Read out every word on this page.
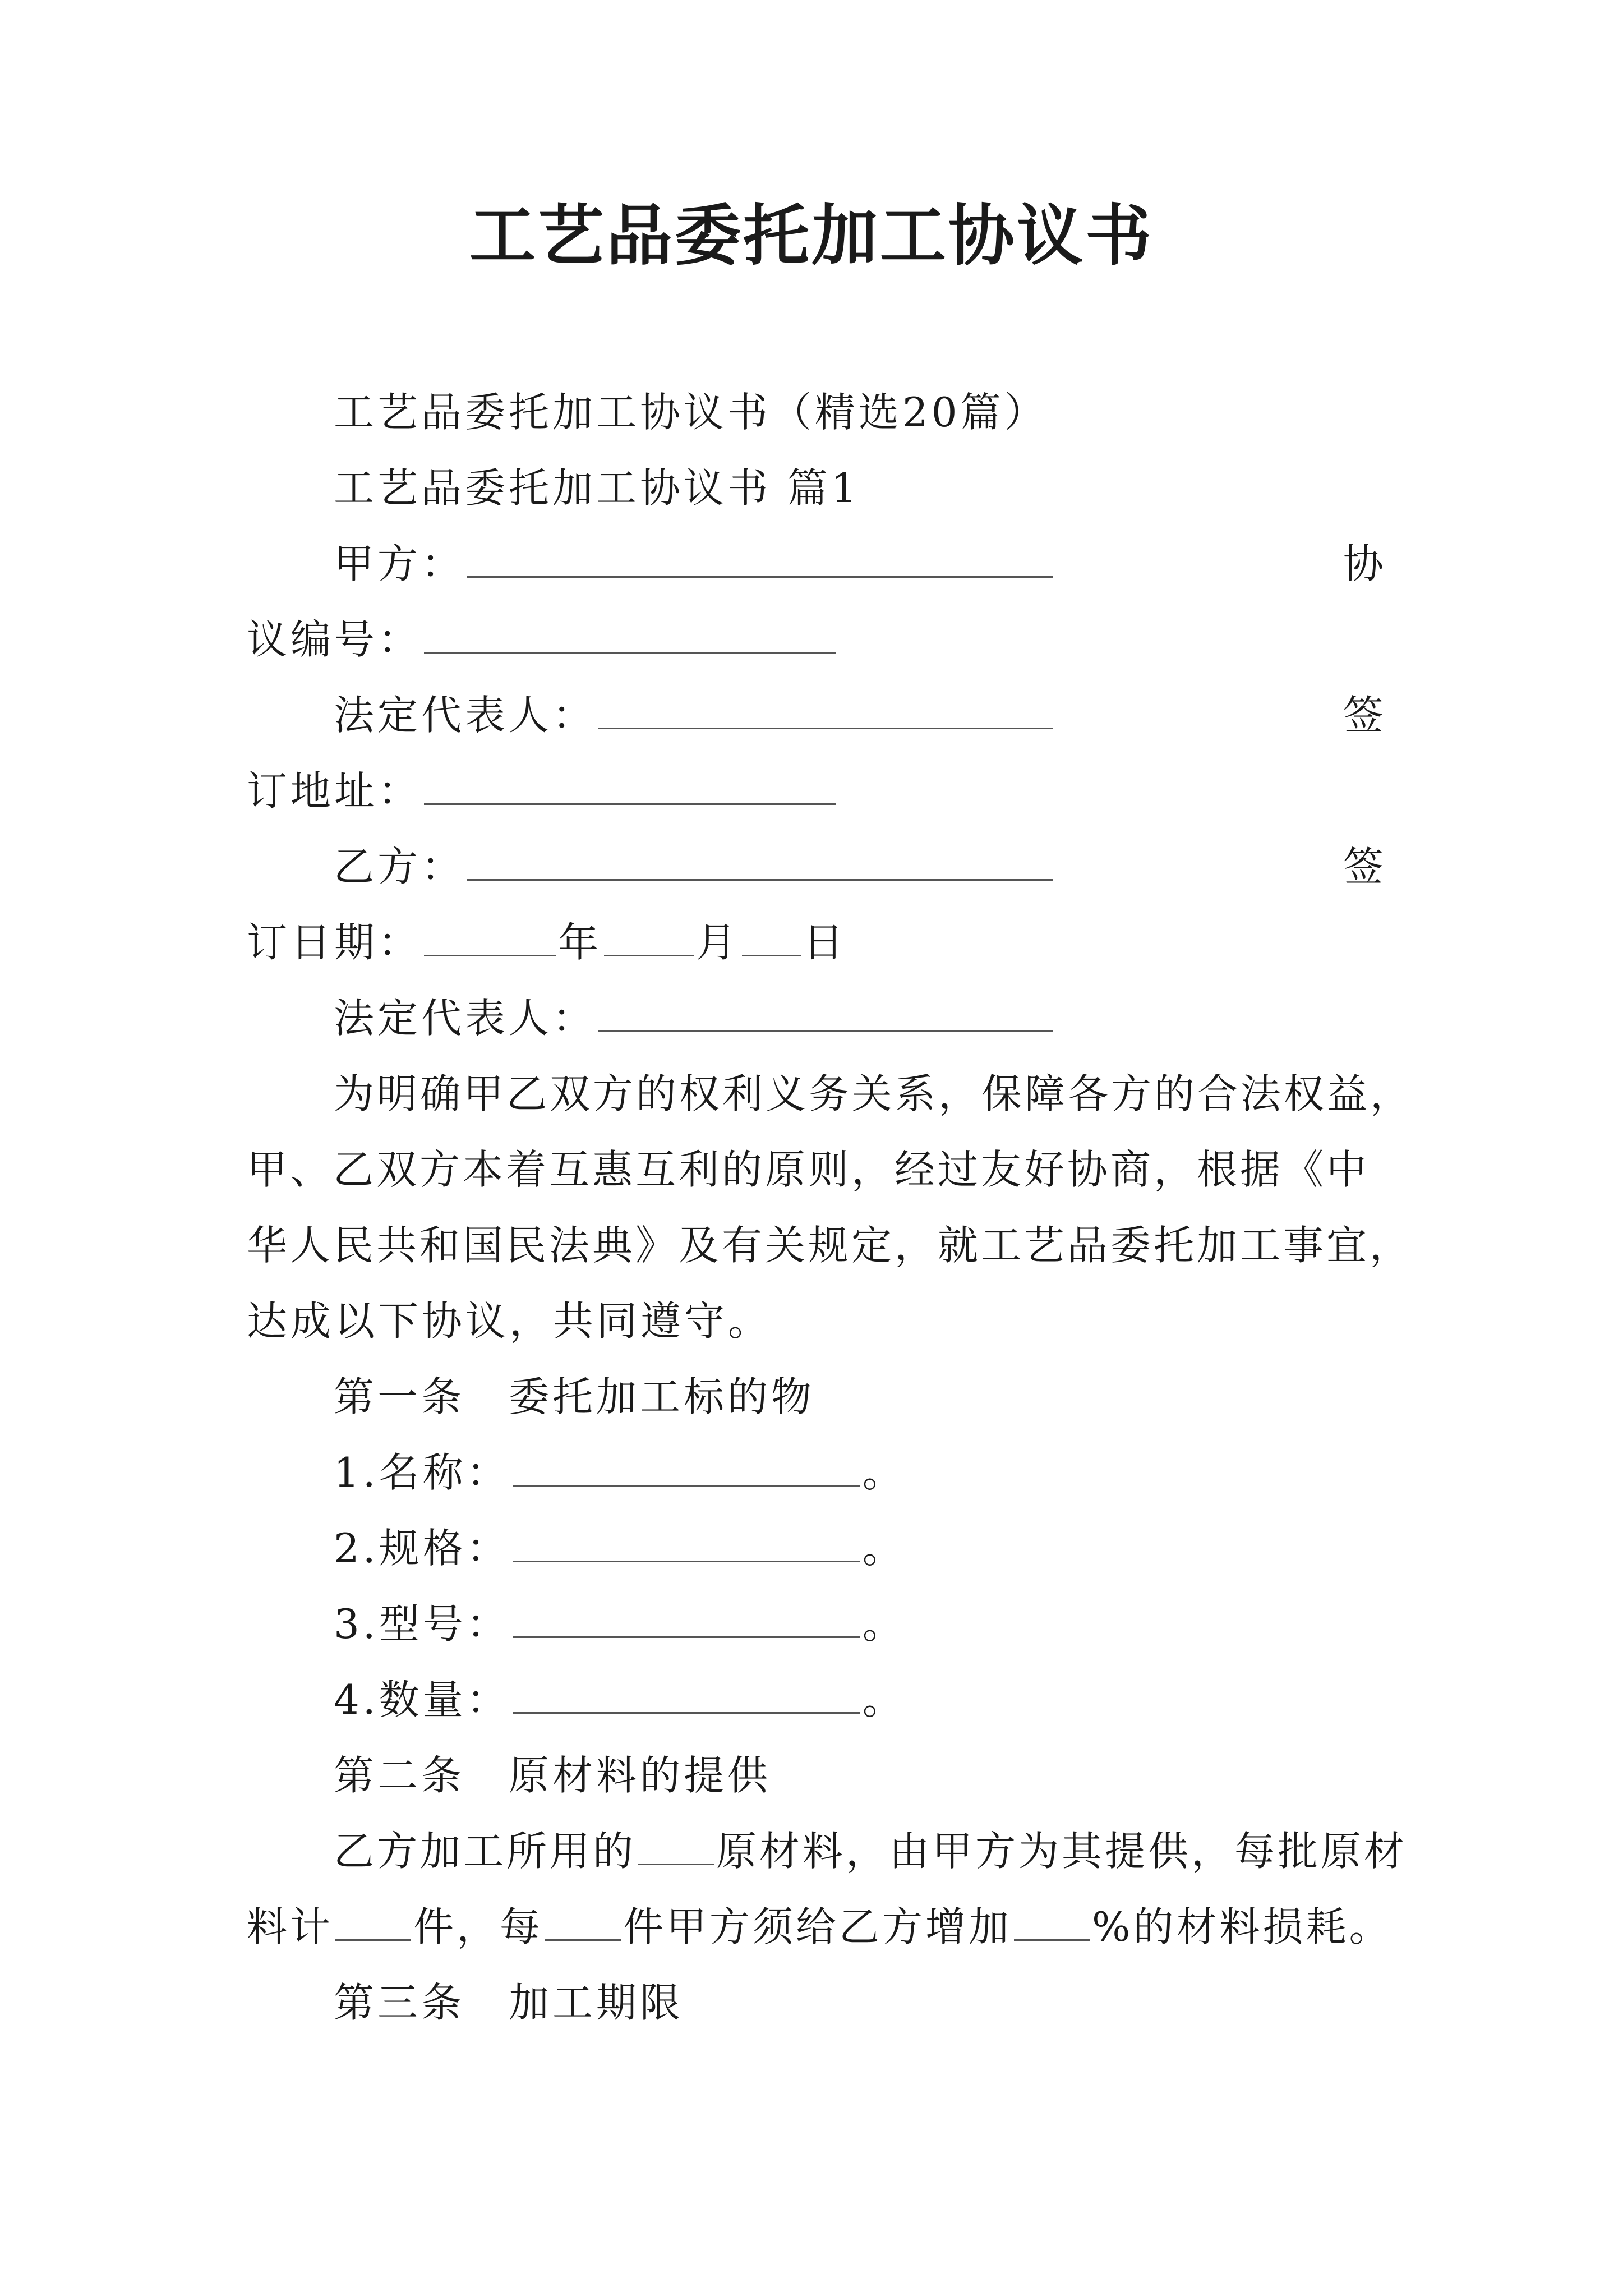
工艺品委托加工协议书
工艺品委托加工协议书（精选20篇）
工艺品委托加工协议书 篇1
甲方：	协
议编号：
法定代表人：	签
订地址：
乙方：	签
订日期：	年 月 日
法定代表人：
为明确甲乙双方的权利义务关系，保障各方的合法权益，
甲、乙双方本着互惠互利的原则，经过友好协商，根据《中
华人民共和国民法典》及有关规定，就工艺品委托加工事宜，
达成以下协议，共同遵守。
第一条　委托加工标的物
1.名称：	。
2.规格：	。
3.型号：	。
4.数量：	。
第二条　原材料的提供
乙方加工所用的 原材料，由甲方为其提供，每批原材
料计 件，每 件甲方须给乙方增加 %的材料损耗。
第三条　加工期限
